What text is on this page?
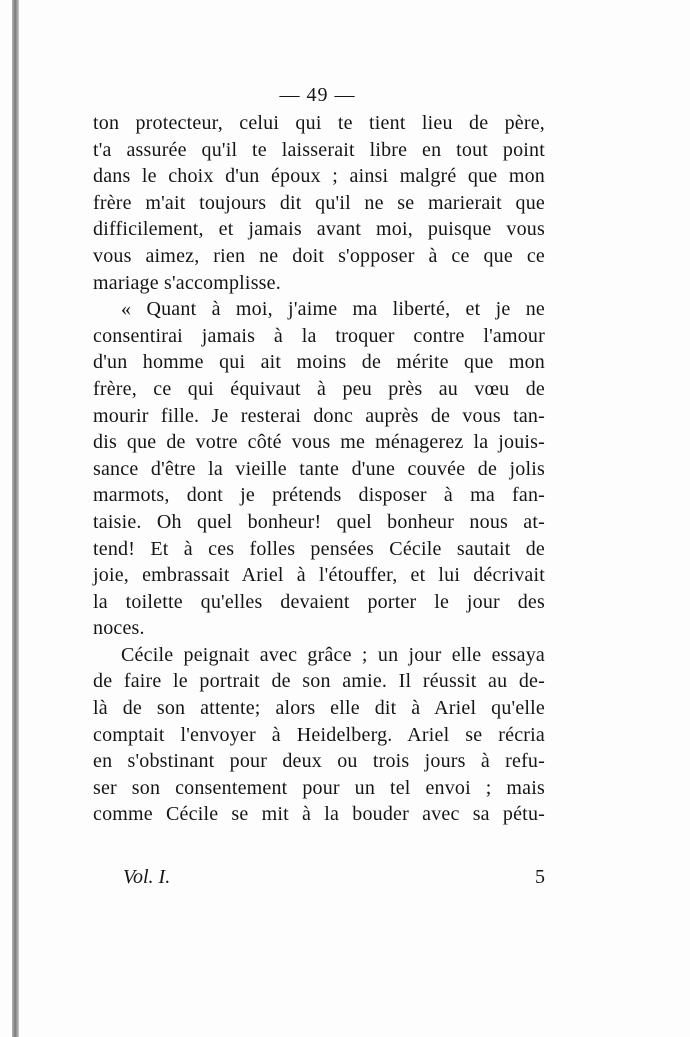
— 49 —
ton protecteur, celui qui te tient lieu de père,
t'a assurée qu'il te laisserait libre en tout point
dans le choix d'un époux ; ainsi malgré que mon
frère m'ait toujours dit qu'il ne se marierait que
difficilement, et jamais avant moi, puisque vous
vous aimez, rien ne doit s'opposer à ce que ce
mariage s'accomplisse.
« Quant à moi, j'aime ma liberté, et je ne
consentirai jamais à la troquer contre l'amour
d'un homme qui ait moins de mérite que mon
frère, ce qui équivaut à peu près au vœu de
mourir fille. Je resterai donc auprès de vous tan-
dis que de votre côté vous me ménagerez la jouis-
sance d'être la vieille tante d'une couvée de jolis
marmots, dont je prétends disposer à ma fan-
taisie. Oh quel bonheur! quel bonheur nous at-
tend! Et à ces folles pensées Cécile sautait de
joie, embrassait Ariel à l'étouffer, et lui décrivait
la toilette qu'elles devaient porter le jour des
noces.
Cécile peignait avec grâce ; un jour elle essaya
de faire le portrait de son amie. Il réussit au de-
là de son attente; alors elle dit à Ariel qu'elle
comptait l'envoyer à Heidelberg. Ariel se récria
en s'obstinant pour deux ou trois jours à refu-
ser son consentement pour un tel envoi ; mais
comme Cécile se mit à la bouder avec sa pétu-
Vol. I.	5
